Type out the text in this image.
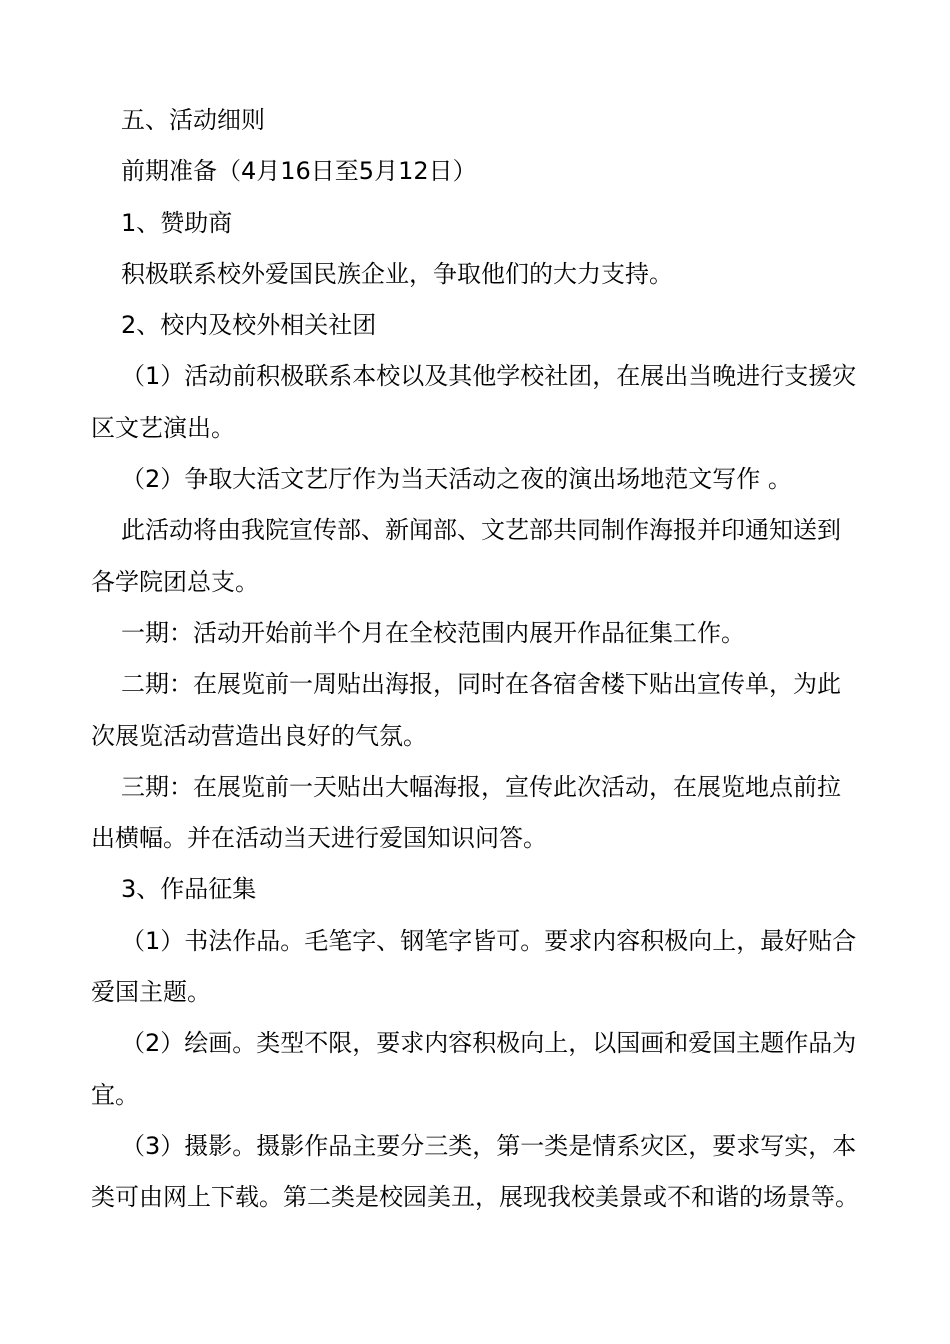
五、活动细则

前期准备（4月16日至5月12日）

1、赞助商

积极联系校外爱国民族企业，争取他们的大力支持。

2、校内及校外相关社团

（1）活动前积极联系本校以及其他学校社团，在展出当晚进行支援灾区文艺演出。

（2）争取大活文艺厅作为当天活动之夜的演出场地范文写作 。

此活动将由我院宣传部、新闻部、文艺部共同制作海报并印通知送到各学院团总支。

一期：活动开始前半个月在全校范围内展开作品征集工作。

二期：在展览前一周贴出海报，同时在各宿舍楼下贴出宣传单，为此次展览活动营造出良好的气氛。

三期：在展览前一天贴出大幅海报，宣传此次活动，在展览地点前拉出横幅。并在活动当天进行爱国知识问答。

3、作品征集

（1）书法作品。毛笔字、钢笔字皆可。要求内容积极向上，最好贴合爱国主题。

（2）绘画。类型不限，要求内容积极向上，以国画和爱国主题作品为宜。

（3）摄影。摄影作品主要分三类，第一类是情系灾区，要求写实，本类可由网上下载。第二类是校园美丑，展现我校美景或不和谐的场景等。
